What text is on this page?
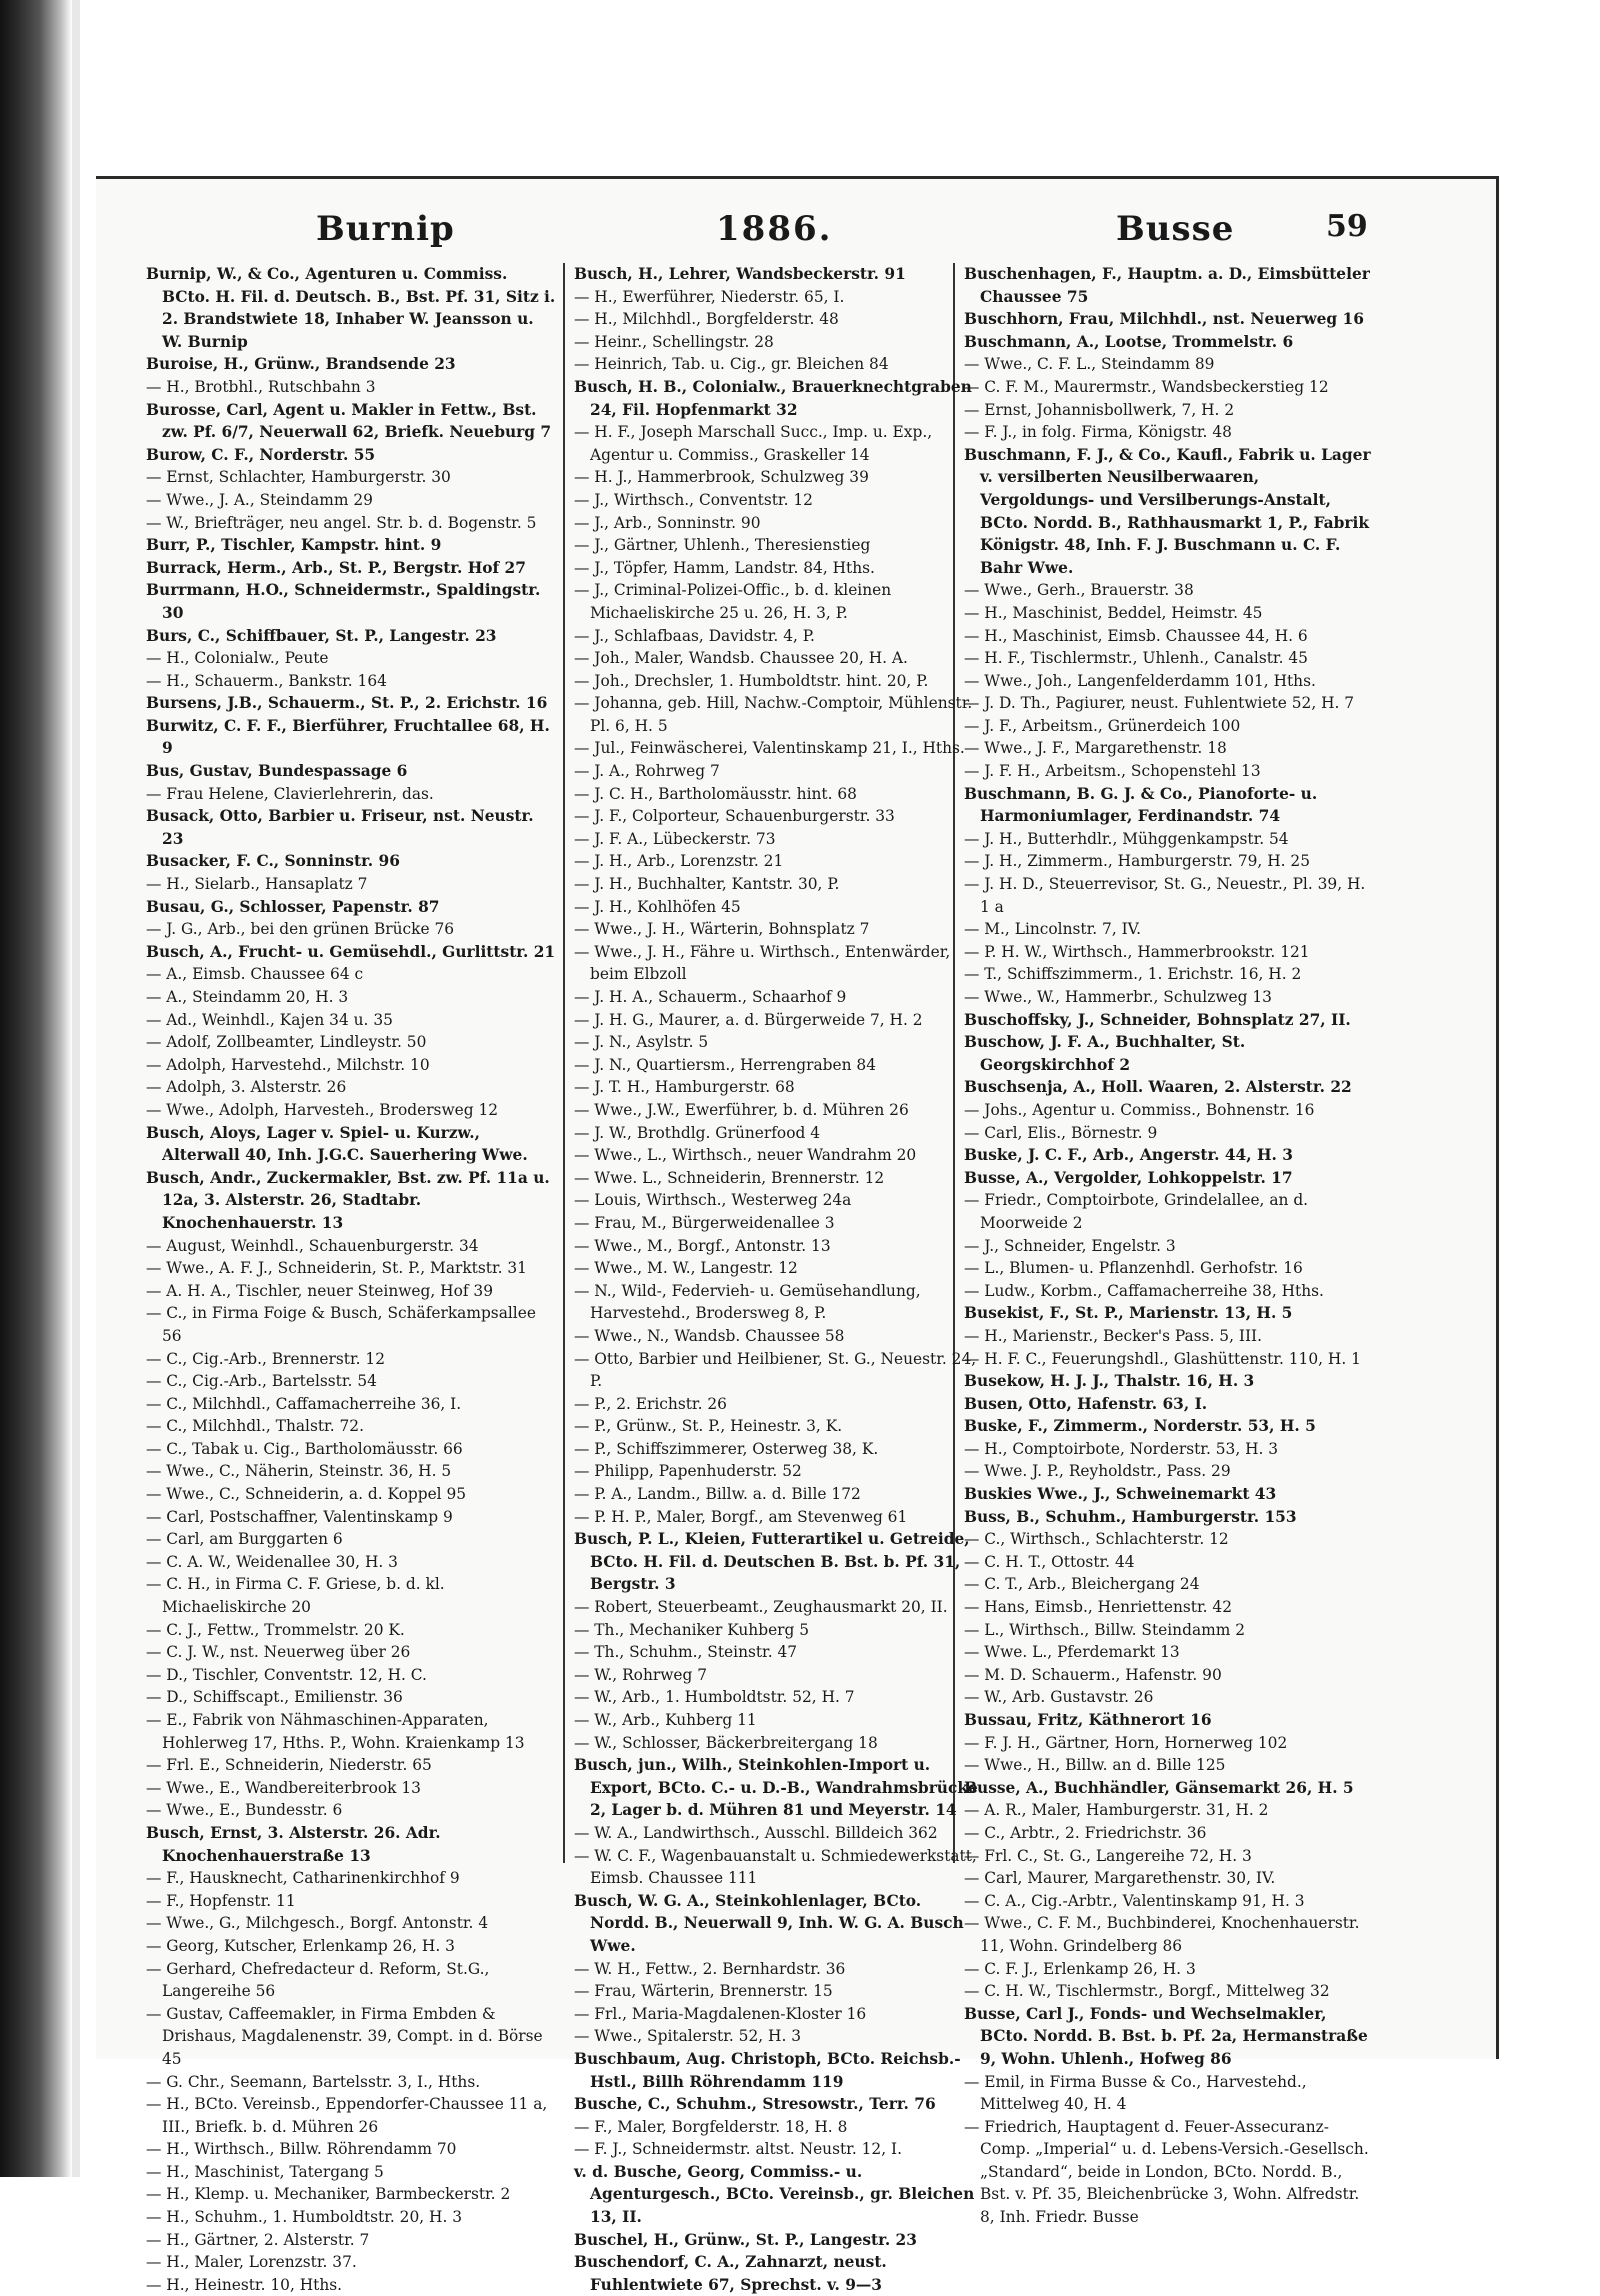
Burnip	1886.	Busse	59
Burnip, W., & Co., Agenturen u. Commiss. BCto. H. Fil. d. Deutsch. B., Bst. Pf. 31, Sitz i. 2. Brandstwiete 18, Inhaber W. Jeansson u. W. Burnip
Buroise, H., Grünw., Brandsende 23
— H., Brotbhl., Rutschbahn 3
Burosse, Carl, Agent u. Makler in Fettw., Bst. zw. Pf. 6/7, Neuerwall 62, Briefk. Neueburg 7
Burow, C. F., Norderstr. 55
— Ernst, Schlachter, Hamburgerstr. 30
— Wwe., J. A., Steindamm 29
— W., Briefträger, neu angel. Str. b. d. Bogenstr. 5
Burr, P., Tischler, Kampstr. hint. 9
Burrack, Herm., Arb., St. P., Bergstr. Hof 27
Burrmann, H.O., Schneidermstr., Spaldingstr. 30
Burs, C., Schiffbauer, St. P., Langestr. 23
— H., Colonialw., Peute
— H., Schauerm., Bankstr. 164
Bursens, J.B., Schauerm., St. P., 2. Erichstr. 16
Burwitz, C. F. F., Bierführer, Fruchtallee 68, H. 9
Bus, Gustav, Bundespassage 6
— Frau Helene, Clavierlehrerin, das.
Busack, Otto, Barbier u. Friseur, nst. Neustr. 23
Busacker, F. C., Sonninstr. 96
— H., Sielarb., Hansaplatz 7
Busau, G., Schlosser, Papenstr. 87
— J. G., Arb., bei den grünen Brücke 76
Busch, A., Frucht- u. Gemüsehdl., Gurlittstr. 21
— A., Eimsb. Chaussee 64 c
— A., Steindamm 20, H. 3
— Ad., Weinhdl., Kajen 34 u. 35
— Adolf, Zollbeamter, Lindleystr. 50
— Adolph, Harvestehd., Milchstr. 10
— Adolph, 3. Alsterstr. 26
— Wwe., Adolph, Harvesteh., Brodersweg 12
Busch, Aloys, Lager v. Spiel- u. Kurzw., Alterwall 40, Inh. J.G.C. Sauerhering Wwe.
Busch, Andr., Zuckermakler, Bst. zw. Pf. 11a u. 12a, 3. Alsterstr. 26, Stadtabr. Knochenhauerstr. 13
— August, Weinhdl., Schauenburgerstr. 34
— Wwe., A. F. J., Schneiderin, St. P., Marktstr. 31
— A. H. A., Tischler, neuer Steinweg, Hof 39
— C., in Firma Foige & Busch, Schäferkampsallee 56
— C., Cig.-Arb., Brennerstr. 12
— C., Cig.-Arb., Bartelsstr. 54
— C., Milchhdl., Caffamacherreihe 36, I.
— C., Milchhdl., Thalstr. 72.
— C., Tabak u. Cig., Bartholomäusstr. 66
— Wwe., C., Näherin, Steinstr. 36, H. 5
— Wwe., C., Schneiderin, a. d. Koppel 95
— Carl, Postschaffner, Valentinskamp 9
— Carl, am Burggarten 6
— C. A. W., Weidenallee 30, H. 3
— C. H., in Firma C. F. Griese, b. d. kl. Michaeliskirche 20
— C. J., Fettw., Trommelstr. 20 K.
— C. J. W., nst. Neuerweg über 26
— D., Tischler, Conventstr. 12, H. C.
— D., Schiffscapt., Emilienstr. 36
— E., Fabrik von Nähmaschinen-Apparaten, Hohlerweg 17, Hths. P., Wohn. Kraienkamp 13
— Frl. E., Schneiderin, Niederstr. 65
— Wwe., E., Wandbereiterbrook 13
— Wwe., E., Bundesstr. 6
Busch, Ernst, 3. Alsterstr. 26. Adr. Knochenhauerstraße 13
— F., Hausknecht, Catharinenkirchhof 9
— F., Hopfenstr. 11
— Wwe., G., Milchgesch., Borgf. Antonstr. 4
— Georg, Kutscher, Erlenkamp 26, H. 3
— Gerhard, Chefredacteur d. Reform, St.G., Langereihe 56
— Gustav, Caffeemakler, in Firma Embden & Drishaus, Magdalenenstr. 39, Compt. in d. Börse 45
— G. Chr., Seemann, Bartelsstr. 3, I., Hths.
— H., BCto. Vereinsb., Eppendorfer-Chaussee 11 a, III., Briefk. b. d. Mühren 26
— H., Wirthsch., Billw. Röhrendamm 70
— H., Maschinist, Tatergang 5
— H., Klemp. u. Mechaniker, Barmbeckerstr. 2
— H., Schuhm., 1. Humboldtstr. 20, H. 3
— H., Gärtner, 2. Alsterstr. 7
— H., Maler, Lorenzstr. 37.
— H., Heinestr. 10, Hths.
Busch, H., Lehrer, Wandsbeckerstr. 91
— H., Ewerführer, Niederstr. 65, I.
— H., Milchhdl., Borgfelderstr. 48
— Heinr., Schellingstr. 28
— Heinrich, Tab. u. Cig., gr. Bleichen 84
Busch, H. B., Colonialw., Brauerknechtgraben 24, Fil. Hopfenmarkt 32
— H. F., Joseph Marschall Succ., Imp. u. Exp., Agentur u. Commiss., Graskeller 14
— H. J., Hammerbrook, Schulzweg 39
— J., Wirthsch., Conventstr. 12
— J., Arb., Sonninstr. 90
— J., Gärtner, Uhlenh., Theresienstieg
— J., Töpfer, Hamm, Landstr. 84, Hths.
— J., Criminal-Polizei-Offic., b. d. kleinen Michaeliskirche 25 u. 26, H. 3, P.
— J., Schlafbaas, Davidstr. 4, P.
— Joh., Maler, Wandsb. Chaussee 20, H. A.
— Joh., Drechsler, 1. Humboldtstr. hint. 20, P.
— Johanna, geb. Hill, Nachw.-Comptoir, Mühlenstr. Pl. 6, H. 5
— Jul., Feinwäscherei, Valentinskamp 21, I., Hths.
— J. A., Rohrweg 7
— J. C. H., Bartholomäusstr. hint. 68
— J. F., Colporteur, Schauenburgerstr. 33
— J. F. A., Lübeckerstr. 73
— J. H., Arb., Lorenzstr. 21
— J. H., Buchhalter, Kantstr. 30, P.
— J. H., Kohlhöfen 45
— Wwe., J. H., Wärterin, Bohnsplatz 7
— Wwe., J. H., Fähre u. Wirthsch., Entenwärder, beim Elbzoll
— J. H. A., Schauerm., Schaarhof 9
— J. H. G., Maurer, a. d. Bürgerweide 7, H. 2
— J. N., Asylstr. 5
— J. N., Quartiersm., Herrengraben 84
— J. T. H., Hamburgerstr. 68
— Wwe., J.W., Ewerführer, b. d. Mühren 26
— J. W., Brothdlg. Grünerfood 4
— Wwe., L., Wirthsch., neuer Wandrahm 20
— Wwe. L., Schneiderin, Brennerstr. 12
— Louis, Wirthsch., Westerweg 24a
— Frau, M., Bürgerweidenallee 3
— Wwe., M., Borgf., Antonstr. 13
— Wwe., M. W., Langestr. 12
— N., Wild-, Federvieh- u. Gemüsehandlung, Harvestehd., Brodersweg 8, P.
— Wwe., N., Wandsb. Chaussee 58
— Otto, Barbier und Heilbiener, St. G., Neuestr. 24, P.
— P., 2. Erichstr. 26
— P., Grünw., St. P., Heinestr. 3, K.
— P., Schiffszimmerer, Osterweg 38, K.
— Philipp, Papenhuderstr. 52
— P. A., Landm., Billw. a. d. Bille 172
— P. H. P., Maler, Borgf., am Stevenweg 61
Busch, P. L., Kleien, Futterartikel u. Getreide, BCto. H. Fil. d. Deutschen B. Bst. b. Pf. 31, Bergstr. 3
— Robert, Steuerbeamt., Zeughausmarkt 20, II.
— Th., Mechaniker Kuhberg 5
— Th., Schuhm., Steinstr. 47
— W., Rohrweg 7
— W., Arb., 1. Humboldtstr. 52, H. 7
— W., Arb., Kuhberg 11
— W., Schlosser, Bäckerbreitergang 18
Busch, jun., Wilh., Steinkohlen-Import u. Export, BCto. C.- u. D.-B., Wandrahmsbrücke 2, Lager b. d. Mühren 81 und Meyerstr. 14
— W. A., Landwirthsch., Ausschl. Billdeich 362
— W. C. F., Wagenbauanstalt u. Schmiedewerkstatt, Eimsb. Chaussee 111
Busch, W. G. A., Steinkohlenlager, BCto. Nordd. B., Neuerwall 9, Inh. W. G. A. Busch Wwe.
— W. H., Fettw., 2. Bernhardstr. 36
— Frau, Wärterin, Brennerstr. 15
— Frl., Maria-Magdalenen-Kloster 16
— Wwe., Spitalerstr. 52, H. 3
Buschbaum, Aug. Christoph, BCto. Reichsb.-Hstl., Billh Röhrendamm 119
Busche, C., Schuhm., Stresowstr., Terr. 76
— F., Maler, Borgfelderstr. 18, H. 8
— F. J., Schneidermstr. altst. Neustr. 12, I.
v. d. Busche, Georg, Commiss.- u. Agenturgesch., BCto. Vereinsb., gr. Bleichen 13, II.
Buschel, H., Grünw., St. P., Langestr. 23
Buschendorf, C. A., Zahnarzt, neust. Fuhlentwiete 67, Sprechst. v. 9—3
Buschenhagen, F., Hauptm. a. D., Eimsbütteler Chaussee 75
Buschhorn, Frau, Milchhdl., nst. Neuerweg 16
Buschmann, A., Lootse, Trommelstr. 6
— Wwe., C. F. L., Steindamm 89
— C. F. M., Maurermstr., Wandsbeckerstieg 12
— Ernst, Johannisbollwerk, 7, H. 2
— F. J., in folg. Firma, Königstr. 48
Buschmann, F. J., & Co., Kaufl., Fabrik u. Lager v. versilberten Neusilberwaaren, Vergoldungs- und Versilberungs-Anstalt, BCto. Nordd. B., Rathhausmarkt 1, P., Fabrik Königstr. 48, Inh. F. J. Buschmann u. C. F. Bahr Wwe.
— Wwe., Gerh., Brauerstr. 38
— H., Maschinist, Beddel, Heimstr. 45
— H., Maschinist, Eimsb. Chaussee 44, H. 6
— H. F., Tischlermstr., Uhlenh., Canalstr. 45
— Wwe., Joh., Langenfelderdamm 101, Hths.
— J. D. Th., Pagiurer, neust. Fuhlentwiete 52, H. 7
— J. F., Arbeitsm., Grünerdeich 100
— Wwe., J. F., Margarethenstr. 18
— J. F. H., Arbeitsm., Schopenstehl 13
Buschmann, B. G. J. & Co., Pianoforte- u. Harmoniumlager, Ferdinandstr. 74
— J. H., Butterhdlr., Mühggenkampstr. 54
— J. H., Zimmerm., Hamburgerstr. 79, H. 25
— J. H. D., Steuerrevisor, St. G., Neuestr., Pl. 39, H. 1 a
— M., Lincolnstr. 7, IV.
— P. H. W., Wirthsch., Hammerbrookstr. 121
— T., Schiffszimmerm., 1. Erichstr. 16, H. 2
— Wwe., W., Hammerbr., Schulzweg 13
Buschoffsky, J., Schneider, Bohnsplatz 27, II.
Buschow, J. F. A., Buchhalter, St. Georgskirchhof 2
Buschsenja, A., Holl. Waaren, 2. Alsterstr. 22
— Johs., Agentur u. Commiss., Bohnenstr. 16
— Carl, Elis., Börnestr. 9
Buske, J. C. F., Arb., Angerstr. 44, H. 3
Busse, A., Vergolder, Lohkoppelstr. 17
— Friedr., Comptoirbote, Grindelallee, an d. Moorweide 2
— J., Schneider, Engelstr. 3
— L., Blumen- u. Pflanzenhdl. Gerhofstr. 16
— Ludw., Korbm., Caffamacherreihe 38, Hths.
Busekist, F., St. P., Marienstr. 13, H. 5
— H., Marienstr., Becker's Pass. 5, III.
— H. F. C., Feuerungshdl., Glashüttenstr. 110, H. 1
Busekow, H. J. J., Thalstr. 16, H. 3
Busen, Otto, Hafenstr. 63, I.
Buske, F., Zimmerm., Norderstr. 53, H. 5
— H., Comptoirbote, Norderstr. 53, H. 3
— Wwe. J. P., Reyholdstr., Pass. 29
Buskies Wwe., J., Schweinemarkt 43
Buss, B., Schuhm., Hamburgerstr. 153
— C., Wirthsch., Schlachterstr. 12
— C. H. T., Ottostr. 44
— C. T., Arb., Bleichergang 24
— Hans, Eimsb., Henriettenstr. 42
— L., Wirthsch., Billw. Steindamm 2
— Wwe. L., Pferdemarkt 13
— M. D. Schauerm., Hafenstr. 90
— W., Arb. Gustavstr. 26
Bussau, Fritz, Käthnerort 16
— F. J. H., Gärtner, Horn, Hornerweg 102
— Wwe., H., Billw. an d. Bille 125
Busse, A., Buchhändler, Gänsemarkt 26, H. 5
— A. R., Maler, Hamburgerstr. 31, H. 2
— C., Arbtr., 2. Friedrichstr. 36
— Frl. C., St. G., Langereihe 72, H. 3
— Carl, Maurer, Margarethenstr. 30, IV.
— C. A., Cig.-Arbtr., Valentinskamp 91, H. 3
— Wwe., C. F. M., Buchbinderei, Knochenhauerstr. 11, Wohn. Grindelberg 86
— C. F. J., Erlenkamp 26, H. 3
— C. H. W., Tischlermstr., Borgf., Mittelweg 32
Busse, Carl J., Fonds- und Wechselmakler, BCto. Nordd. B. Bst. b. Pf. 2a, Hermanstraße 9, Wohn. Uhlenh., Hofweg 86
— Emil, in Firma Busse & Co., Harvestehd., Mittelweg 40, H. 4
— Friedrich, Hauptagent d. Feuer-Assecuranz-Comp. „Imperial“ u. d. Lebens-Versich.-Gesellsch. „Standard“, beide in London, BCto. Nordd. B., Bst. v. Pf. 35, Bleichenbrücke 3, Wohn. Alfredstr. 8, Inh. Friedr. Busse
